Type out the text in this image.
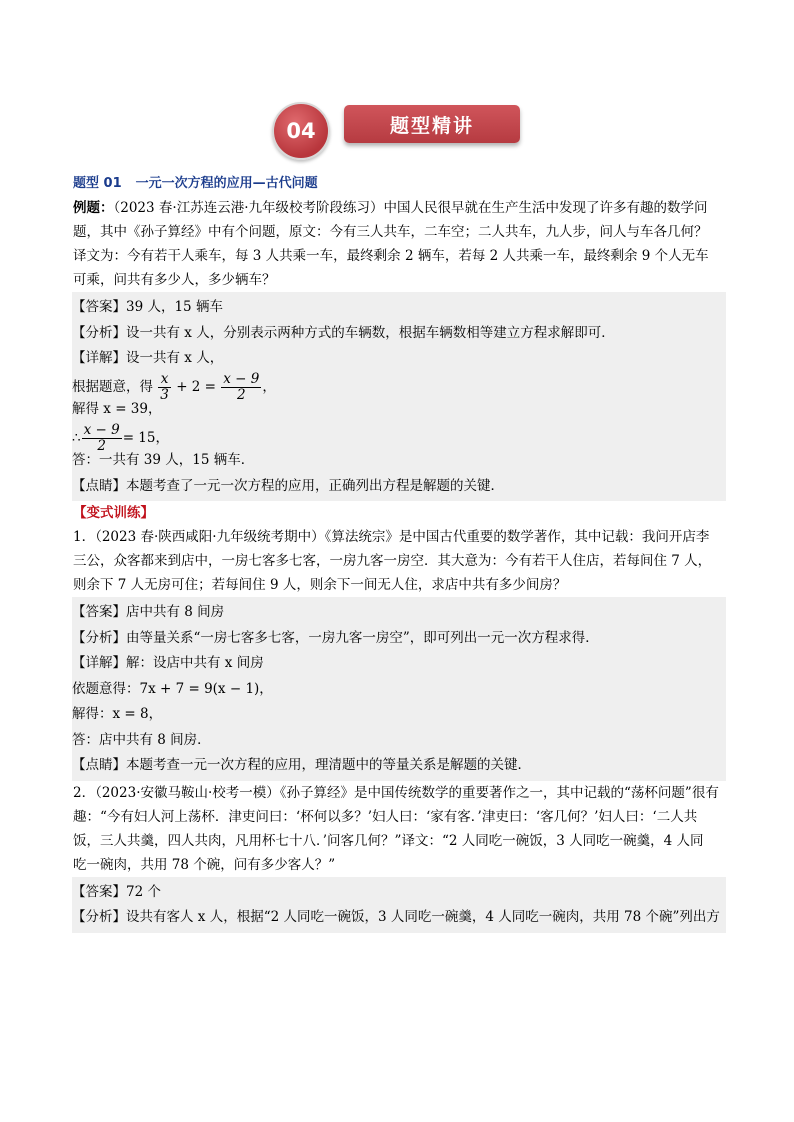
04	题型精讲
题型 01 一元一次方程的应用—古代问题
例题：（2023 春·江苏连云港·九年级校考阶段练习）中国人民很早就在生产生活中发现了许多有趣的数学问
题，其中《孙子算经》中有个问题，原文：今有三人共车，二车空；二人共车，九人步，问人与车各几何？
译文为：今有若干人乘车，每 3 人共乘一车，最终剩余 2 辆车，若每 2 人共乘一车，最终剩余 9 个人无车
可乘，问共有多少人，多少辆车？
【答案】39 人，15 辆车
【分析】设一共有 x 人，分别表示两种方式的车辆数，根据车辆数相等建立方程求解即可．
【详解】设一共有 x 人，
根据题意，得 $\frac{x}{3} + 2 = \frac{x - 9}{2}$ ，
解得 x = 39，
∴ $\frac{x - 9}{2} = 15$，
答：一共有 39 人，15 辆车．
【点睛】本题考查了一元一次方程的应用，正确列出方程是解题的关键．
【变式训练】
1．（2023 春·陕西咸阳·九年级统考期中）《算法统宗》是中国古代重要的数学著作，其中记载：我问开店李
三公，众客都来到店中，一房七客多七客，一房九客一房空．其大意为：今有若干人住店，若每间住 7 人，
则余下 7 人无房可住；若每间住 9 人，则余下一间无人住，求店中共有多少间房？
【答案】店中共有 8 间房
【分析】由等量关系“一房七客多七客，一房九客一房空”，即可列出一元一次方程求得．
【详解】解：设店中共有 x 间房
依题意得：7x + 7 = 9(x − 1)，
解得：x = 8，
答：店中共有 8 间房．
【点睛】本题考查一元一次方程的应用，理清题中的等量关系是解题的关键．
2．（2023·安徽马鞍山·校考一模）《孙子算经》是中国传统数学的重要著作之一，其中记载的“荡杯问题”很有
趣：“今有妇人河上荡杯．津吏问曰：‘杯何以多？’妇人曰：‘家有客．’津吏曰：‘客几何？’妇人曰：‘二人共
饭，三人共羹，四人共肉，凡用杯七十八．’问客几何？”译文：“2 人同吃一碗饭，3 人同吃一碗羹，4 人同
吃一碗肉，共用 78 个碗，问有多少客人？”
【答案】72 个
【分析】设共有客人 x 人，根据“2 人同吃一碗饭，3 人同吃一碗羹，4 人同吃一碗肉，共用 78 个碗”列出方
